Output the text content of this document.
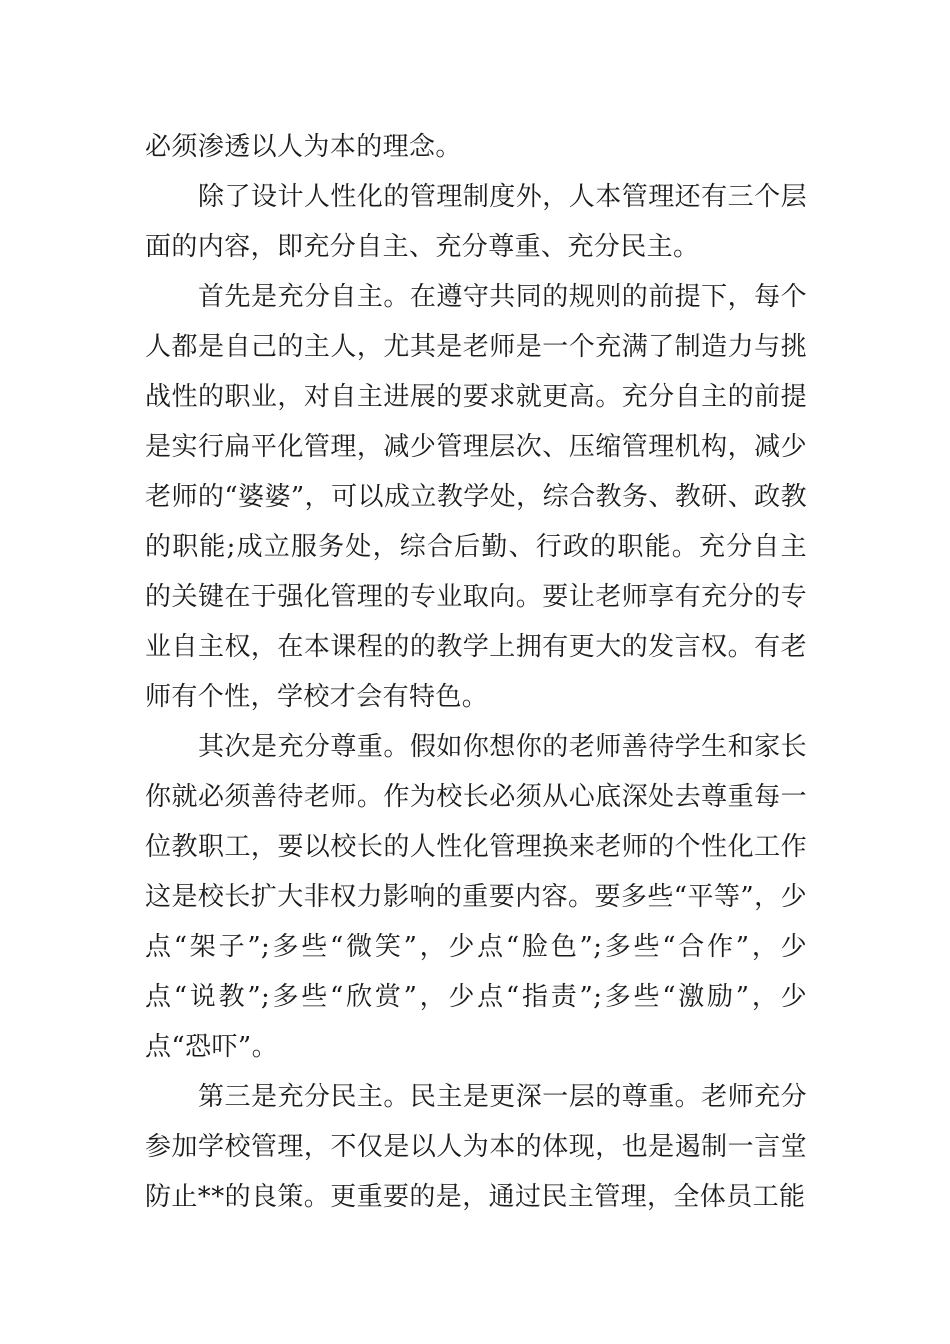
必须渗透以人为本的理念。

除了设计人性化的管理制度外，人本管理还有三个层面的内容，即充分自主、充分尊重、充分民主。

首先是充分自主。在遵守共同的规则的前提下，每个人都是自己的主人，尤其是老师是一个充满了制造力与挑战性的职业，对自主进展的要求就更高。充分自主的前提是实行扁平化管理，减少管理层次、压缩管理机构，减少老师的“婆婆”，可以成立教学处，综合教务、教研、政教的职能;成立服务处，综合后勤、行政的职能。充分自主的关键在于强化管理的专业取向。要让老师享有充分的专业自主权，在本课程的的教学上拥有更大的发言权。有老师有个性，学校才会有特色。

其次是充分尊重。假如你想你的老师善待学生和家长你就必须善待老师。作为校长必须从心底深处去尊重每一位教职工，要以校长的人性化管理换来老师的个性化工作这是校长扩大非权力影响的重要内容。要多些“平等”，少点“架子”;多些“微笑”，少点“脸色”;多些“合作”，少点“说教”;多些“欣赏”，少点“指责”;多些“激励”，少点“恐吓”。

第三是充分民主。民主是更深一层的尊重。老师充分参加学校管理，不仅是以人为本的体现，也是遏制一言堂防止**的良策。更重要的是，通过民主管理，全体员工能
